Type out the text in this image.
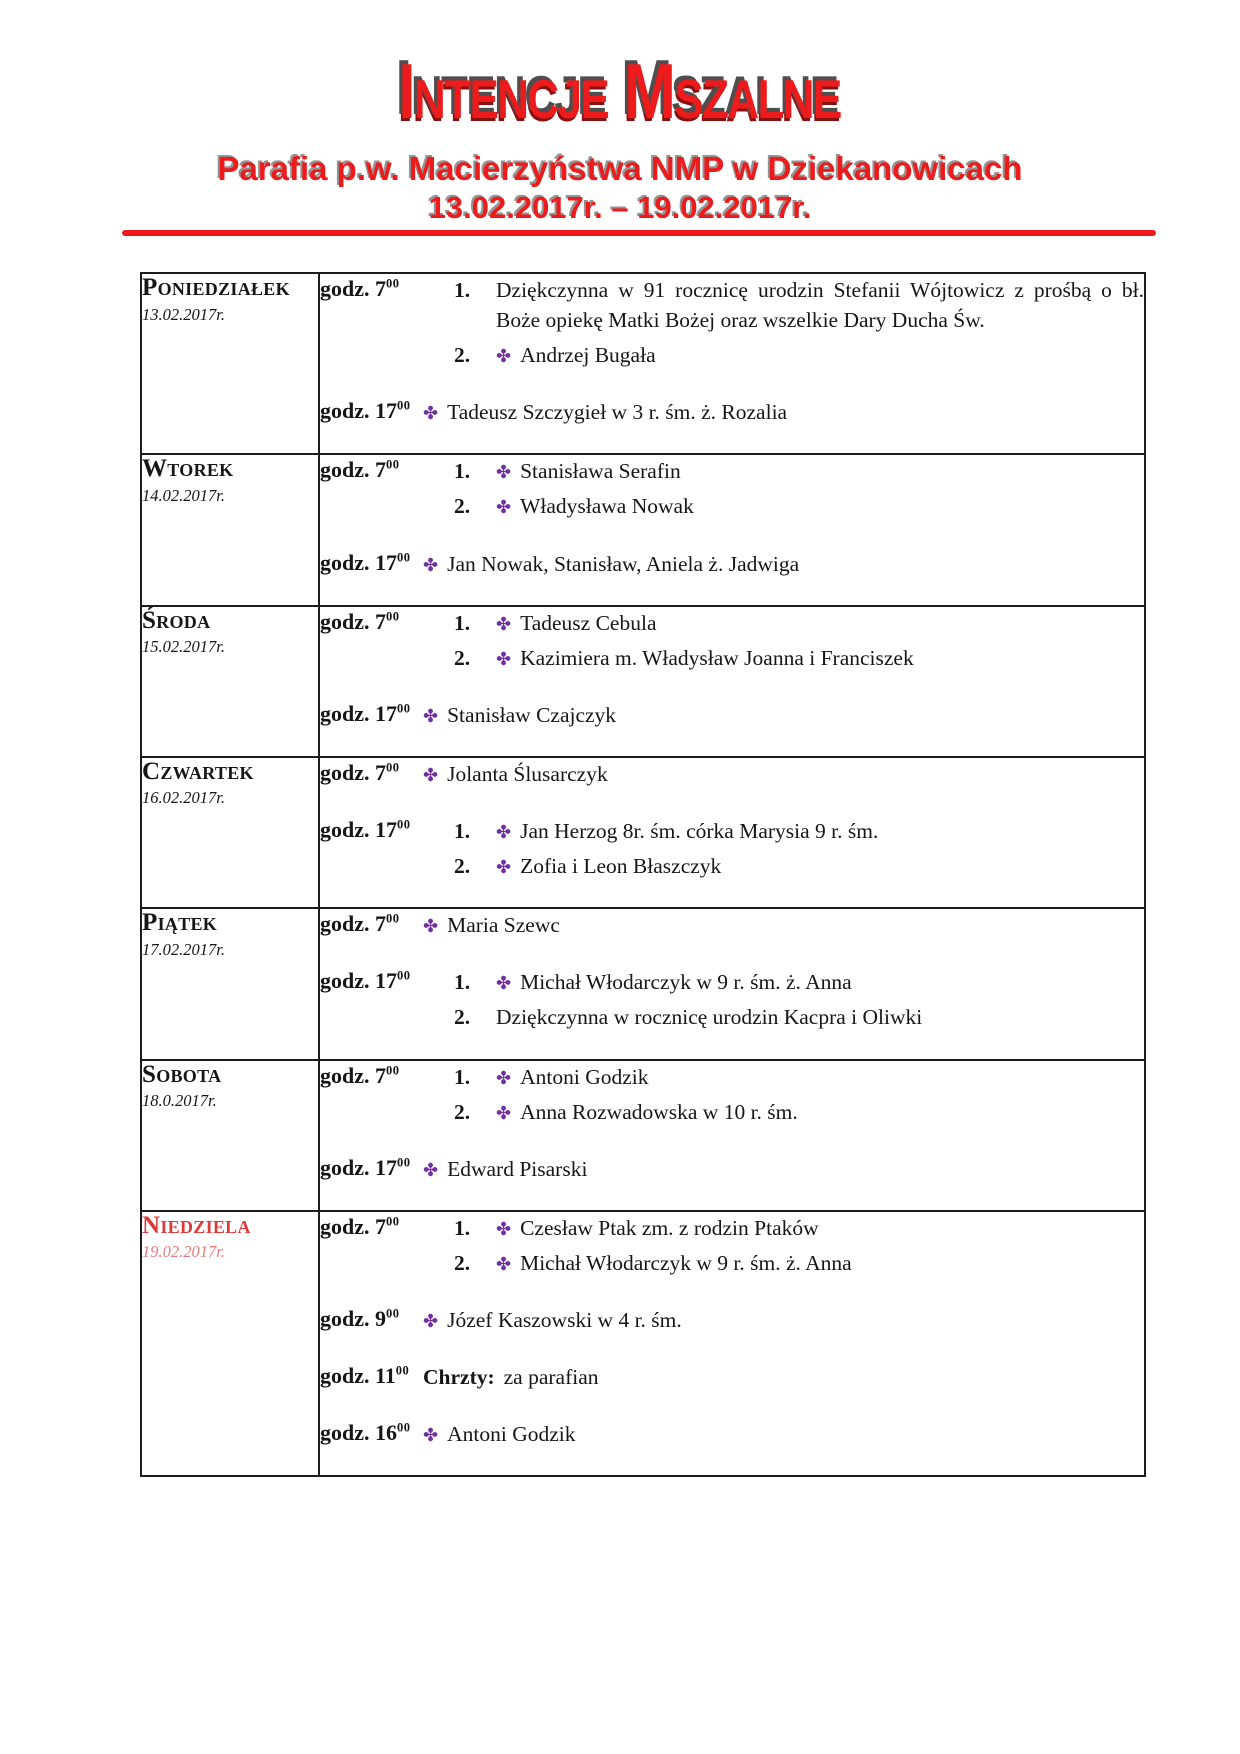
Intencje Mszalne
Parafia p.w. Macierzyństwa NMP w Dziekanowicach
13.02.2017r. – 19.02.2017r.
Poniedziałek
13.02.2017r.

godz. $7^{00}$	1.	Dziękczynna w 91 rocznicę urodzin Stefanii Wójtowicz z prośbą o bł. Boże opiekę Matki Bożej oraz wszelkie Dary Ducha Św.
2.	✤ Andrzej Bugała
godz. $17^{00}$ ✤ Tadeusz Szczygieł w 3 r. śm. ż. Rozalia

Wtorek
14.02.2017r.

godz. $7^{00}$	1.	✤ Stanisława Serafin
2.	✤ Władysława Nowak
godz. $17^{00}$ ✤ Jan Nowak, Stanisław, Aniela ż. Jadwiga

Środa
15.02.2017r.

godz. $7^{00}$	1.	✤ Tadeusz Cebula
2.	✤ Kazimiera m. Władysław Joanna i Franciszek
godz. $17^{00}$ ✤ Stanisław Czajczyk

Czwartek
16.02.2017r.

godz. $7^{00}$	✤ Jolanta Ślusarczyk
godz. $17^{00}$	1.	✤ Jan Herzog 8r. śm. córka Marysia 9 r. śm.
2.	✤ Zofia i Leon Błaszczyk

Piątek
17.02.2017r.

godz. $7^{00}$	✤ Maria Szewc
godz. $17^{00}$	1.	✤ Michał Włodarczyk w 9 r. śm. ż. Anna
2.	Dziękczynna w rocznicę urodzin Kacpra i Oliwki

Sobota
18.0.2017r.

godz. $7^{00}$	1.	✤ Antoni Godzik
2.	✤ Anna Rozwadowska w 10 r. śm.
godz. $17^{00}$ ✤ Edward Pisarski

Niedziela
19.02.2017r.

godz. $7^{00}$	1.	✤ Czesław Ptak zm. z rodzin Ptaków
2.	✤ Michał Włodarczyk w 9 r. śm. ż. Anna
godz. $9^{00}$	✤ Józef Kaszowski w 4 r. śm.
godz. $11^{00}$ Chrzty: za parafian
godz. $16^{00}$ ✤ Antoni Godzik
